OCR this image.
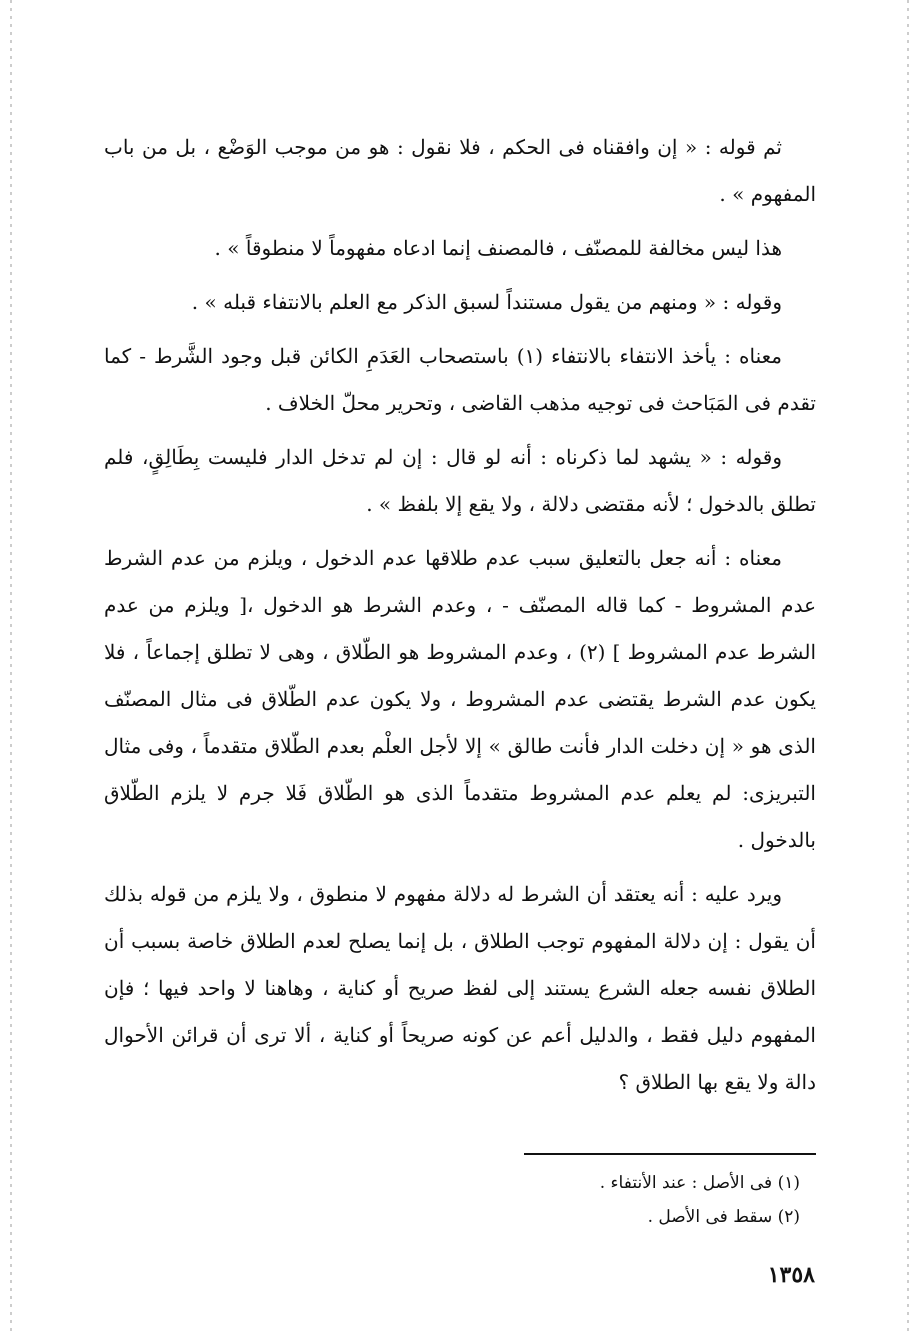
ثم قوله : « إن وافقناه فى الحكم ، فلا نقول : هو من موجب الوَضْع ، بل من باب المفهوم » .

هذا ليس مخالفة للمصنّف ، فالمصنف إنما ادعاه مفهوماً لا منطوقاً » .

وقوله : « ومنهم من يقول مستنداً لسبق الذكر مع العلم بالانتفاء قبله » .

معناه : يأخذ الانتفاء بالانتفاء (١) باستصحاب العَدَمِ الكائن قبل وجود الشَّرط - كما تقدم فى المَبَاحث فى توجيه مذهب القاضى ، وتحرير محلّ الخلاف .

وقوله : « يشهد لما ذكرناه : أنه لو قال : إن لم تدخل الدار فليست بِطَالِقٍ، فلم تطلق بالدخول ؛ لأنه مقتضى دلالة ، ولا يقع إلا بلفظ » .

معناه : أنه جعل بالتعليق سبب عدم طلاقها عدم الدخول ، ويلزم من عدم الشرط عدم المشروط - كما قاله المصنّف - ، وعدم الشرط هو الدخول ،[ ويلزم من عدم الشرط عدم المشروط ] (٢) ، وعدم المشروط هو الطّلاق ، وهى لا تطلق إجماعاً ، فلا يكون عدم الشرط يقتضى عدم المشروط ، ولا يكون عدم الطّلاق فى مثال المصنّف الذى هو « إن دخلت الدار فأنت طالق » إلا لأجل العلْم بعدم الطّلاق متقدماً ، وفى مثال التبريزى: لم يعلم عدم المشروط متقدماً الذى هو الطّلاق فَلا جرم لا يلزم الطّلاق بالدخول .

ويرد عليه : أنه يعتقد أن الشرط له دلالة مفهوم لا منطوق ، ولا يلزم من قوله بذلك أن يقول : إن دلالة المفهوم توجب الطلاق ، بل إنما يصلح لعدم الطلاق خاصة بسبب أن الطلاق نفسه جعله الشرع يستند إلى لفظ صريح أو كناية ، وهاهنا لا واحد فيها ؛ فإن المفهوم دليل فقط ، والدليل أعم عن كونه صريحاً أو كناية ، ألا ترى أن قرائن الأحوال دالة ولا يقع بها الطلاق ؟

(١) فى الأصل : عند الأنتفاء .

(٢) سقط فى الأصل .

١٣٥٨
